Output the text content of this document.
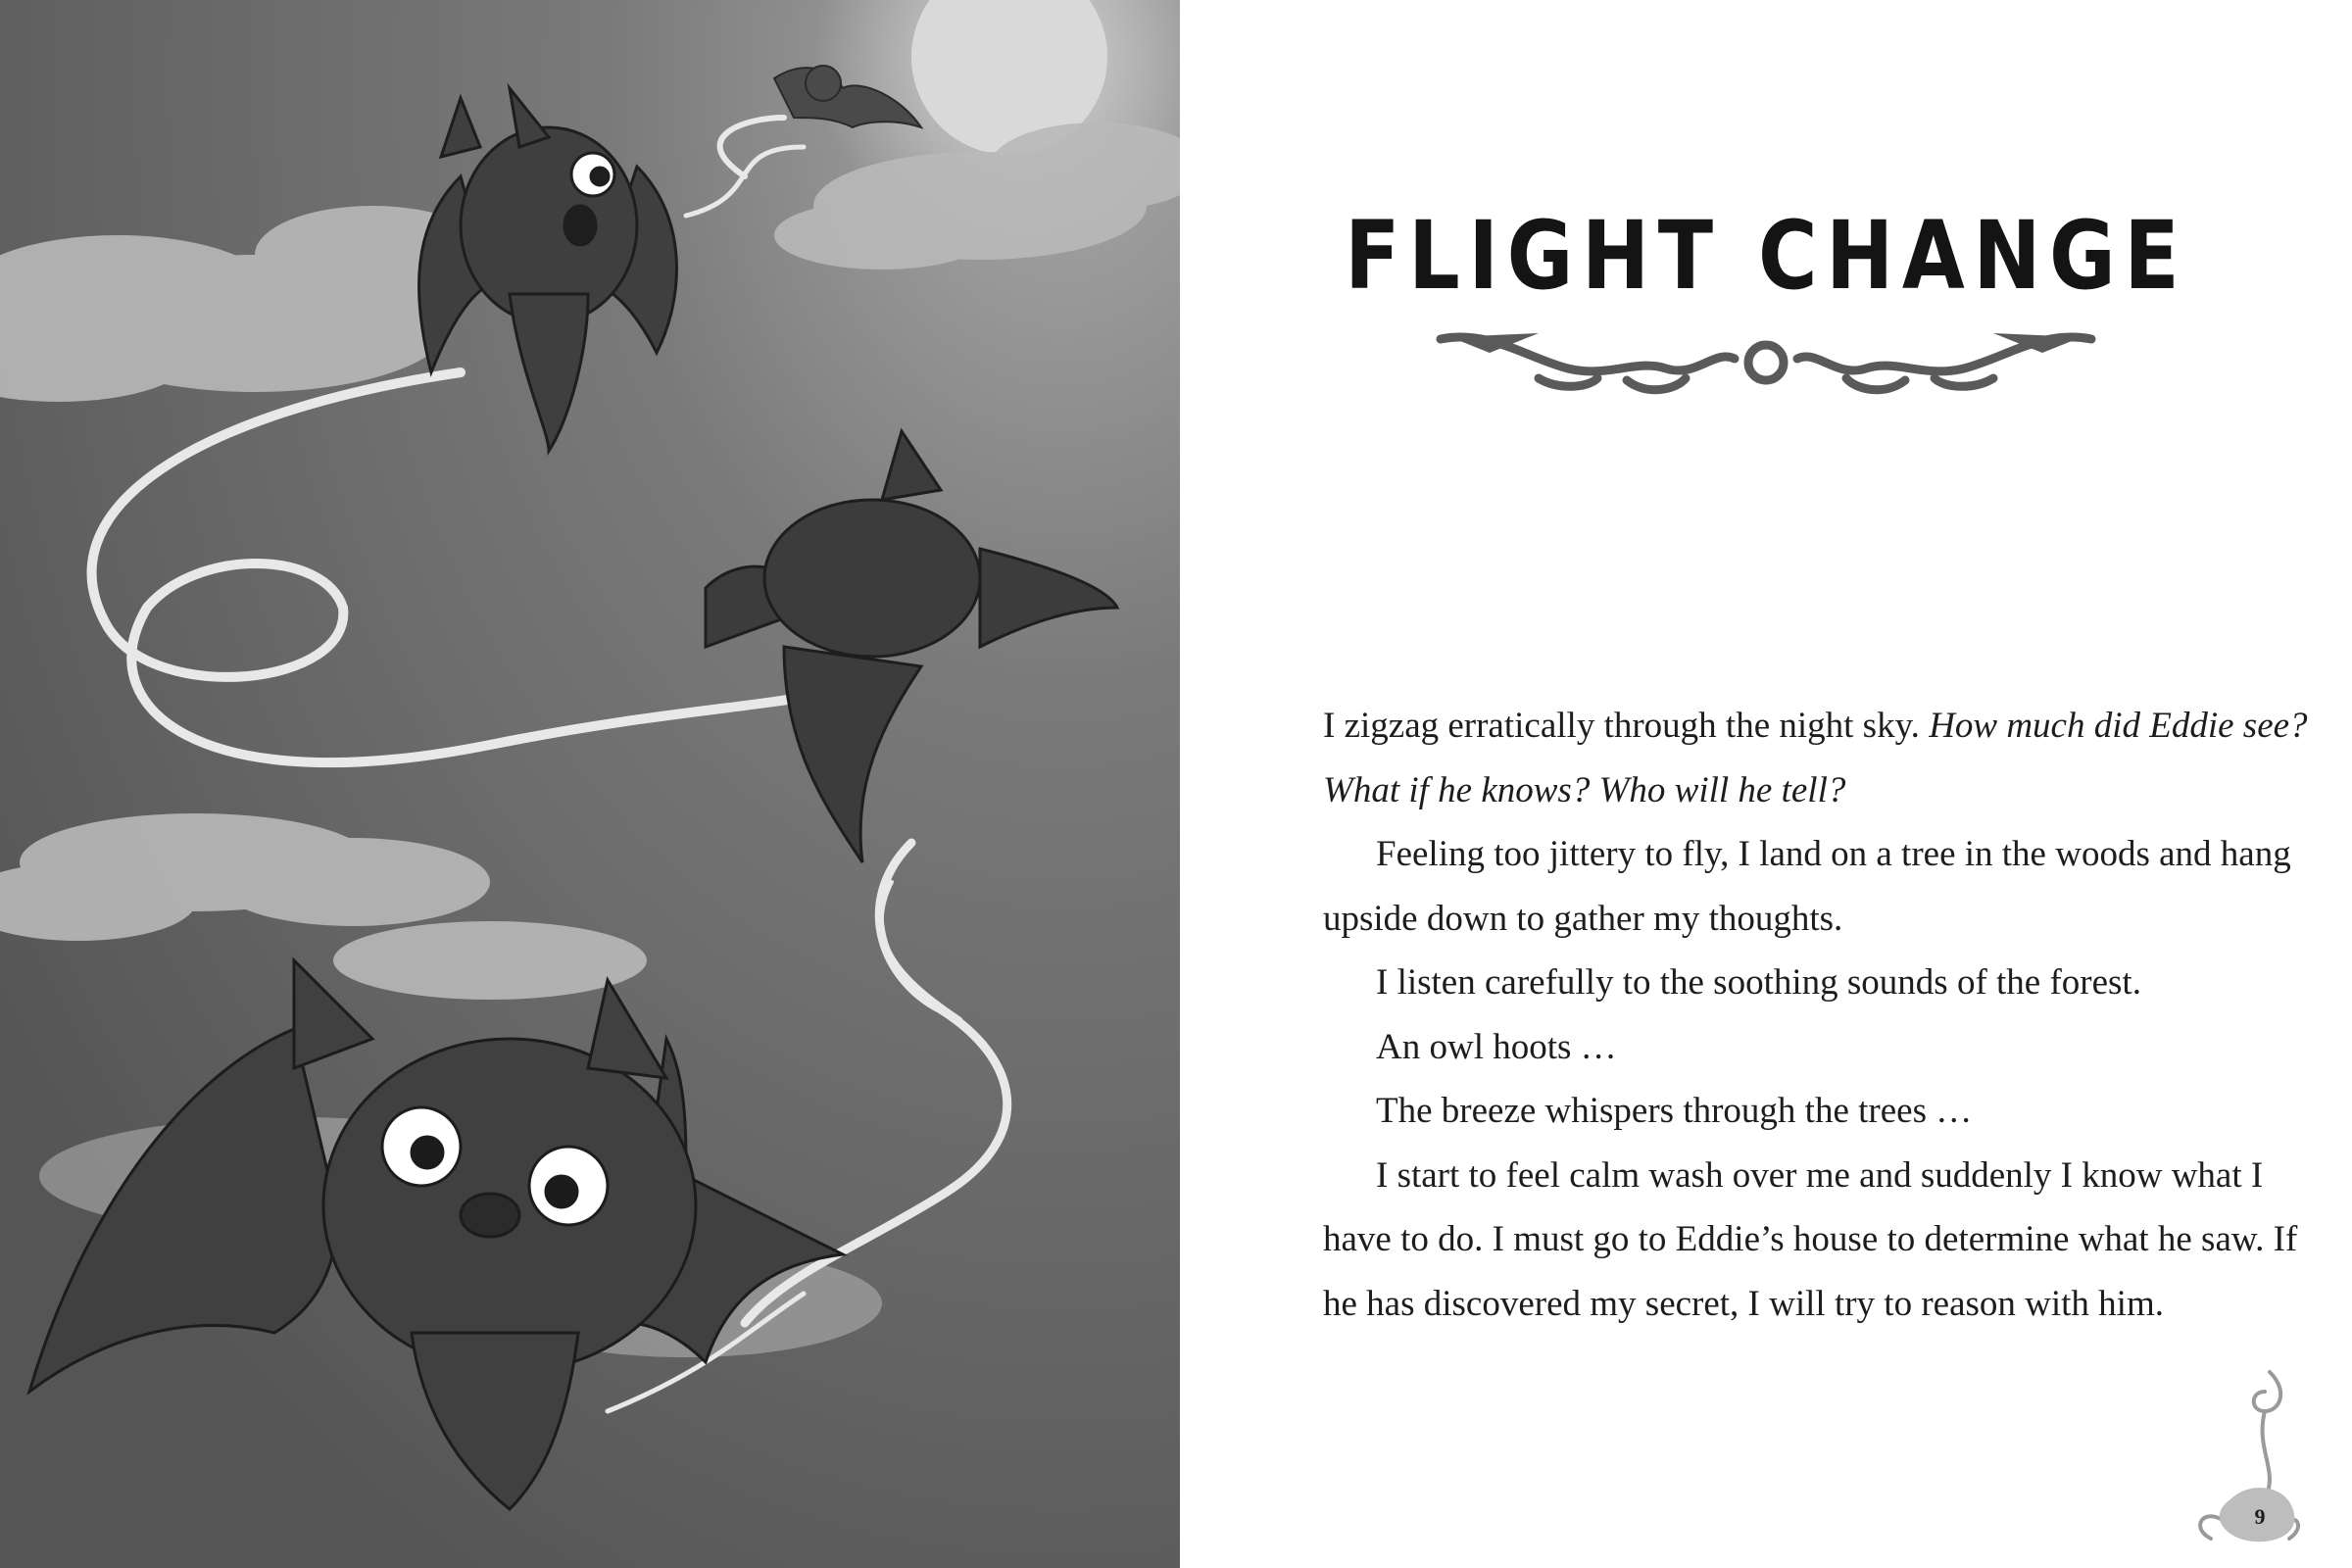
FLIGHT CHANGE

I zigzag erratically through the night sky. How much did Eddie see? What if he knows? Who will he tell?

Feeling too jittery to fly, I land on a tree in the woods and hang upside down to gather my thoughts.

I listen carefully to the soothing sounds of the forest.

An owl hoots …

The breeze whispers through the trees …

I start to feel calm wash over me and suddenly I know what I have to do. I must go to Eddie’s house to determine what he saw. If he has discovered my secret, I will try to reason with him.

9
